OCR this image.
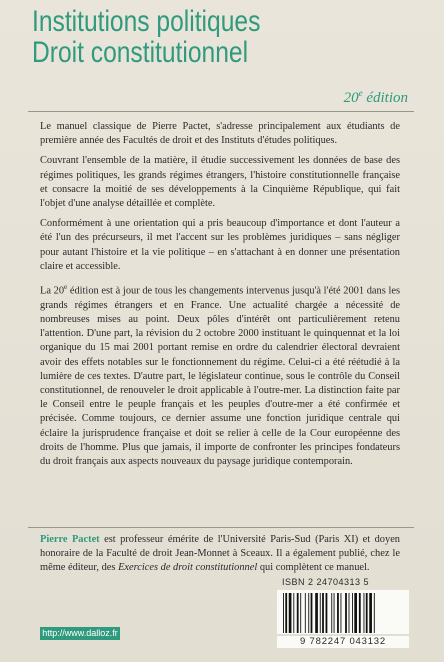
Institutions politiques
Droit constitutionnel
20e édition

Le manuel classique de Pierre Pactet, s'adresse principalement aux étudiants de première année des Facultés de droit et des Instituts d'études politiques.

Couvrant l'ensemble de la matière, il étudie successivement les données de base des régimes politiques, les grands régimes étrangers, l'histoire constitutionnelle française et consacre la moitié de ses développements à la Cinquième République, qui fait l'objet d'une analyse détaillée et complète.

Conformément à une orientation qui a pris beaucoup d'importance et dont l'auteur a été l'un des précurseurs, il met l'accent sur les problèmes juridiques – sans négliger pour autant l'histoire et la vie politique – en s'attachant à en donner une présentation claire et accessible.

La 20e édition est à jour de tous les changements intervenus jusqu'à l'été 2001 dans les grands régimes étrangers et en France. Une actualité chargée a nécessité de nombreuses mises au point. Deux pôles d'intérêt ont particulièrement retenu l'attention. D'une part, la révision du 2 octobre 2000 instituant le quinquennat et la loi organique du 15 mai 2001 portant remise en ordre du calendrier électoral devraient avoir des effets notables sur le fonctionnement du régime. Celui-ci a été réétudié à la lumière de ces textes. D'autre part, le législateur continue, sous le contrôle du Conseil constitutionnel, de renouveler le droit applicable à l'outre-mer. La distinction faite par le Conseil entre le peuple français et les peuples d'outre-mer a été confirmée et précisée. Comme toujours, ce dernier assume une fonction juridique centrale qui éclaire la jurisprudence française et doit se relier à celle de la Cour européenne des droits de l'homme. Plus que jamais, il importe de confronter les principes fondateurs du droit français aux aspects nouveaux du paysage juridique contemporain.

Pierre Pactet est professeur émérite de l'Université Paris-Sud (Paris XI) et doyen honoraire de la Faculté de droit Jean-Monnet à Sceaux. Il a également publié, chez le même éditeur, des Exercices de droit constitutionnel qui complètent ce manuel.
ISBN 2 24704313 5
9 782247 043132
http://www.dalloz.fr
